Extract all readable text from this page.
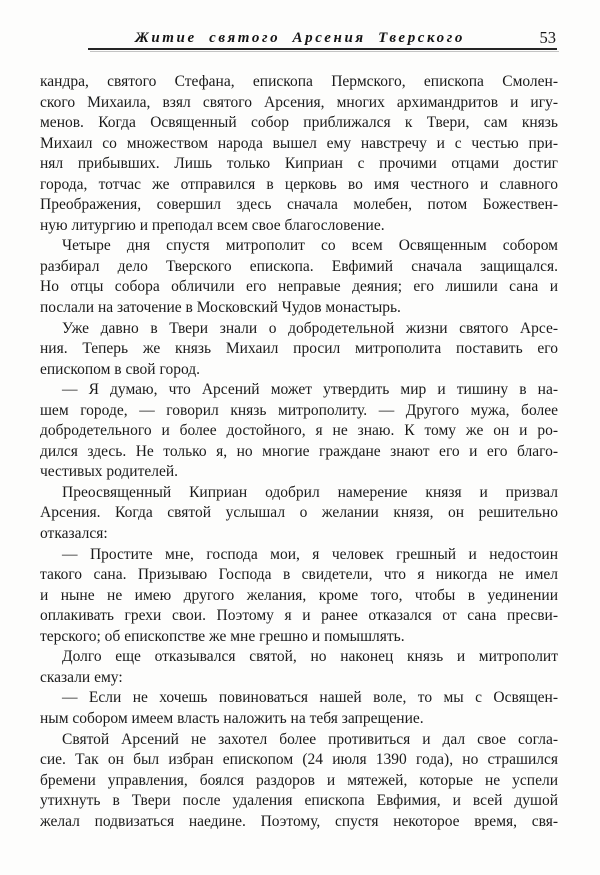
Житие святого Арсения Тверского	53
кандра, святого Стефана, епископа Пермского, епископа Смолен-
ского Михаила, взял святого Арсения, многих архимандритов и игу-
менов. Когда Освященный собор приближался к Твери, сам князь
Михаил со множеством народа вышел ему навстречу и с честью при-
нял прибывших. Лишь только Киприан с прочими отцами достиг
города, тотчас же отправился в церковь во имя честного и славного
Преображения, совершил здесь сначала молебен, потом Божествен-
ную литургию и преподал всем свое благословение.
Четыре дня спустя митрополит со всем Освященным собором
разбирал дело Тверского епископа. Евфимий сначала защищался.
Но отцы собора обличили его неправые деяния; его лишили сана и
послали на заточение в Московский Чудов монастырь.
Уже давно в Твери знали о добродетельной жизни святого Арсе-
ния. Теперь же князь Михаил просил митрополита поставить его
епископом в свой город.
— Я думаю, что Арсений может утвердить мир и тишину в на-
шем городе, — говорил князь митрополиту. — Другого мужа, более
добродетельного и более достойного, я не знаю. К тому же он и ро-
дился здесь. Не только я, но многие граждане знают его и его благо-
честивых родителей.
Преосвященный Киприан одобрил намерение князя и призвал
Арсения. Когда святой услышал о желании князя, он решительно
отказался:
— Простите мне, господа мои, я человек грешный и недостоин
такого сана. Призываю Господа в свидетели, что я никогда не имел
и ныне не имею другого желания, кроме того, чтобы в уединении
оплакивать грехи свои. Поэтому я и ранее отказался от сана пресви-
терского; об епископстве же мне грешно и помышлять.
Долго еще отказывался святой, но наконец князь и митрополит
сказали ему:
— Если не хочешь повиноваться нашей воле, то мы с Освящен-
ным собором имеем власть наложить на тебя запрещение.
Святой Арсений не захотел более противиться и дал свое согла-
сие. Так он был избран епископом (24 июля 1390 года), но страшился
бремени управления, боялся раздоров и мятежей, которые не успели
утихнуть в Твери после удаления епископа Евфимия, и всей душой
желал подвизаться наедине. Поэтому, спустя некоторое время, свя-
